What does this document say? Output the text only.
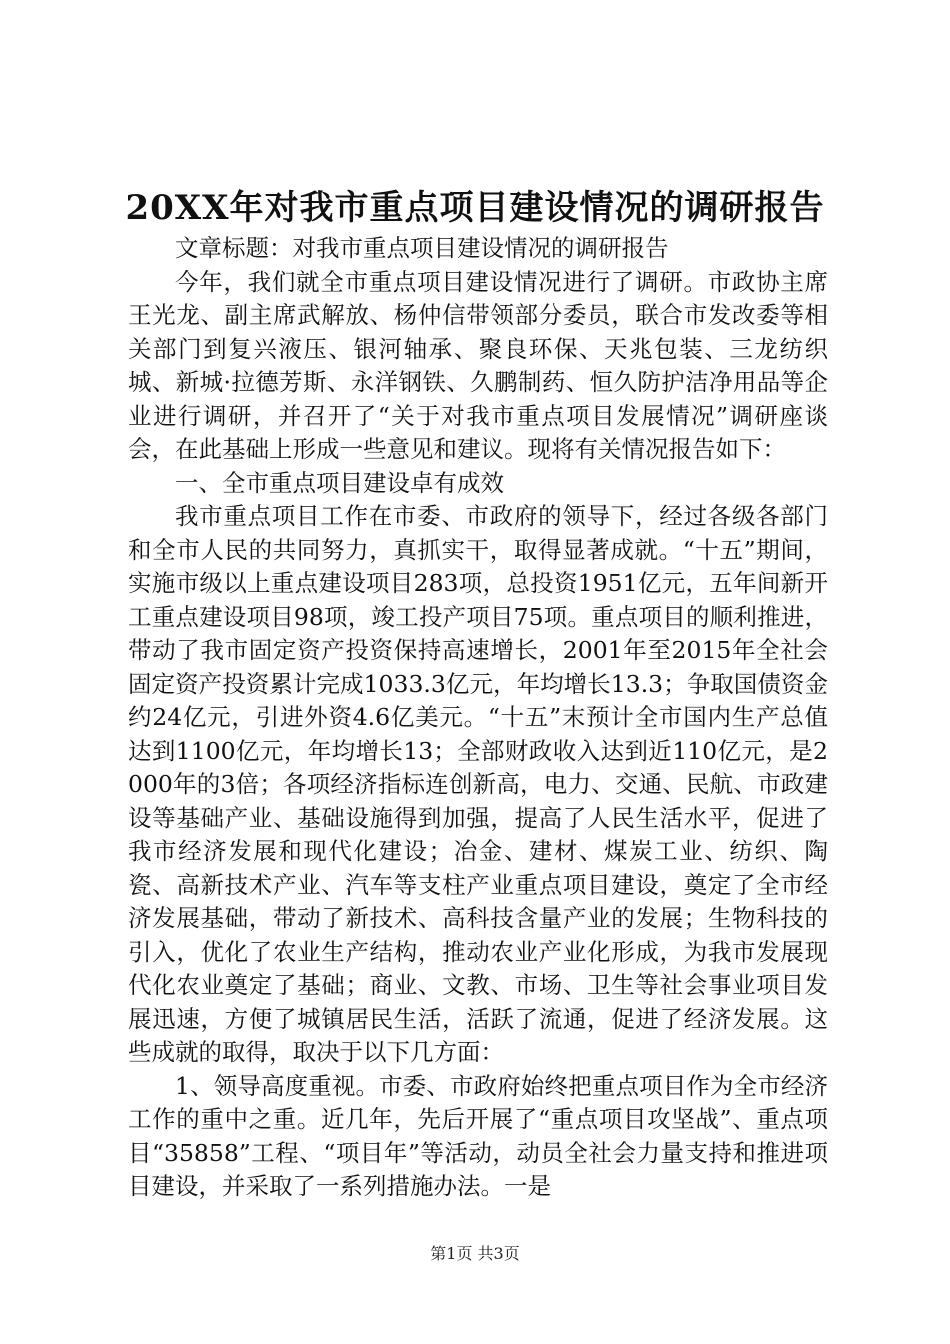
20XX年对我市重点项目建设情况的调研报告

文章标题：对我市重点项目建设情况的调研报告

今年，我们就全市重点项目建设情况进行了调研。市政协主席王光龙、副主席武解放、杨仲信带领部分委员，联合市发改委等相关部门到复兴液压、银河轴承、聚良环保、天兆包装、三龙纺织城、新城·拉德芳斯、永洋钢铁、久鹏制药、恒久防护洁净用品等企业进行调研，并召开了“关于对我市重点项目发展情况”调研座谈会，在此基础上形成一些意见和建议。现将有关情况报告如下：

一、全市重点项目建设卓有成效

我市重点项目工作在市委、市政府的领导下，经过各级各部门和全市人民的共同努力，真抓实干，取得显著成就。“十五”期间，实施市级以上重点建设项目283项，总投资1951亿元，五年间新开工重点建设项目98项，竣工投产项目75项。重点项目的顺利推进，带动了我市固定资产投资保持高速增长，2001年至2015年全社会固定资产投资累计完成1033.3亿元，年均增长13.3；争取国债资金约24亿元，引进外资4.6亿美元。“十五”末预计全市国内生产总值达到1100亿元，年均增长13；全部财政收入达到近110亿元，是2000年的3倍；各项经济指标连创新高，电力、交通、民航、市政建设等基础产业、基础设施得到加强，提高了人民生活水平，促进了我市经济发展和现代化建设；冶金、建材、煤炭工业、纺织、陶瓷、高新技术产业、汽车等支柱产业重点项目建设，奠定了全市经济发展基础，带动了新技术、高科技含量产业的发展；生物科技的引入，优化了农业生产结构，推动农业产业化形成，为我市发展现代化农业奠定了基础；商业、文教、市场、卫生等社会事业项目发展迅速，方便了城镇居民生活，活跃了流通，促进了经济发展。这些成就的取得，取决于以下几方面：

1、领导高度重视。市委、市政府始终把重点项目作为全市经济工作的重中之重。近几年，先后开展了“重点项目攻坚战”、重点项目“35858”工程、“项目年”等活动，动员全社会力量支持和推进项目建设，并采取了一系列措施办法。一是

第1页 共3页
